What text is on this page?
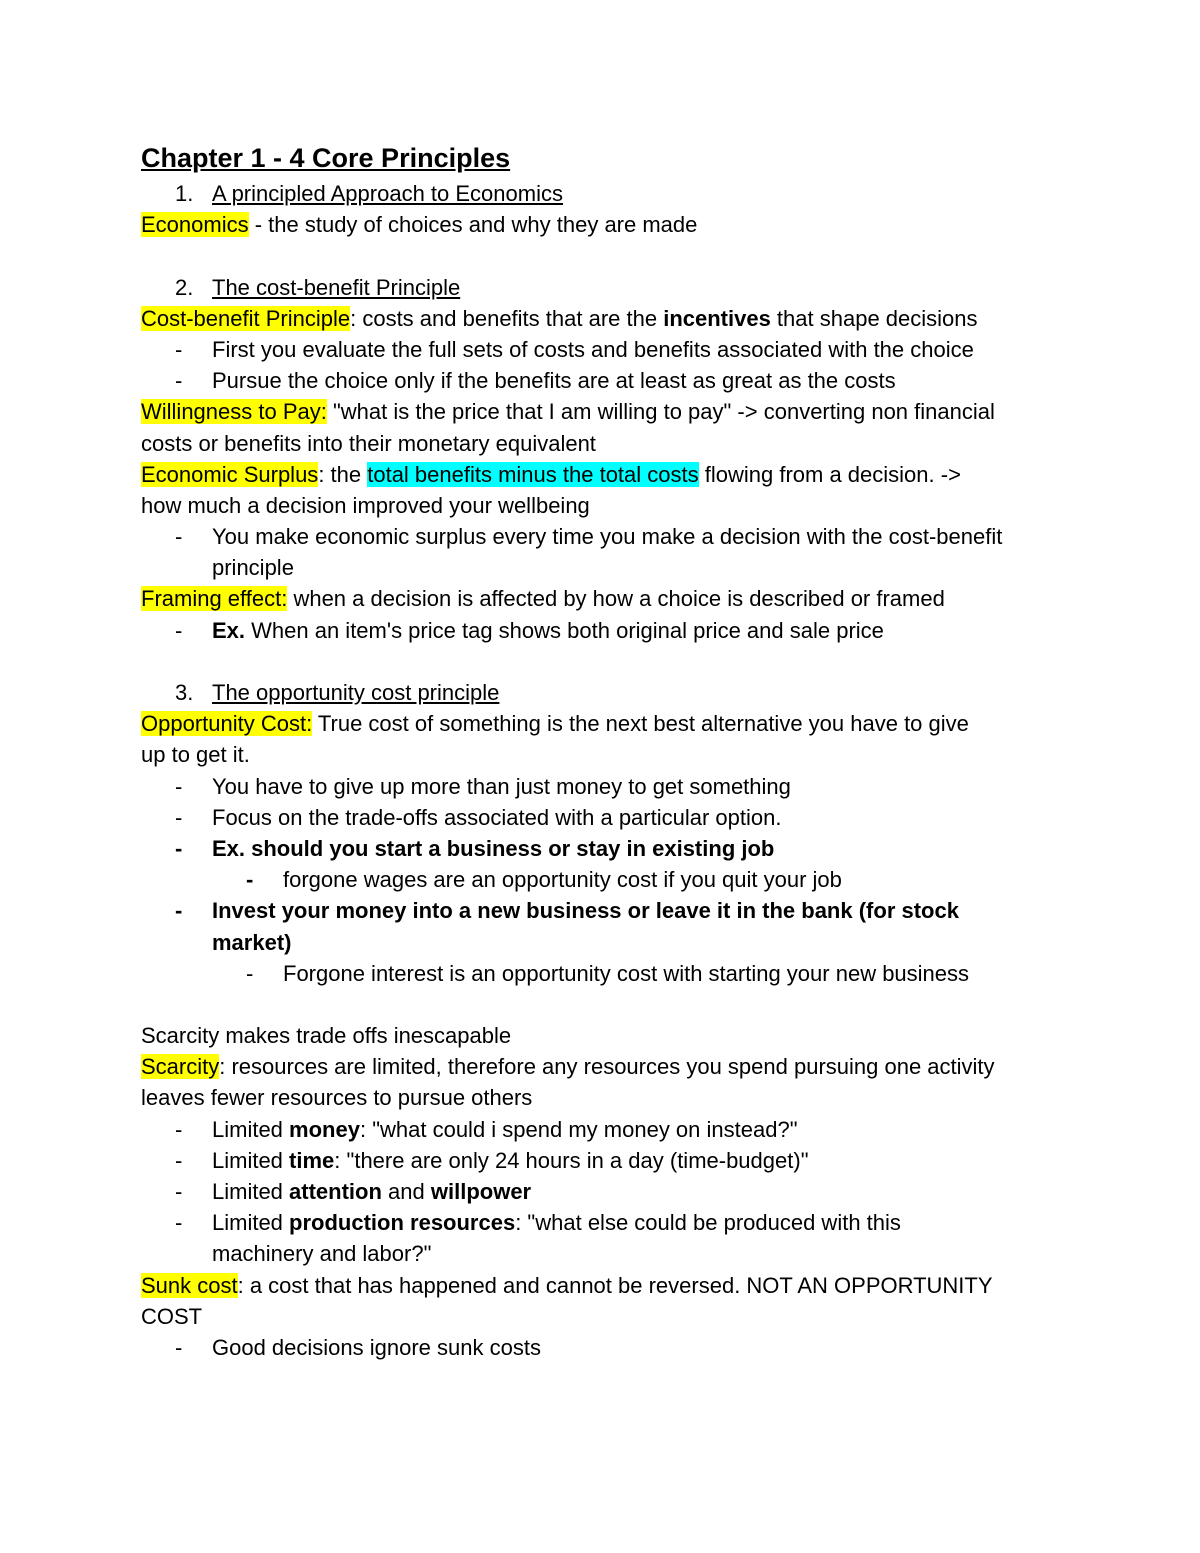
Chapter 1 - 4 Core Principles
1. A principled Approach to Economics
Economics - the study of choices and why they are made
2. The cost-benefit Principle
Cost-benefit Principle: costs and benefits that are the incentives that shape decisions
- First you evaluate the full sets of costs and benefits associated with the choice
- Pursue the choice only if the benefits are at least as great as the costs
Willingness to Pay: "what is the price that I am willing to pay" -> converting non financial
costs or benefits into their monetary equivalent
Economic Surplus: the total benefits minus the total costs flowing from a decision. ->
how much a decision improved your wellbeing
- You make economic surplus every time you make a decision with the cost-benefit
principle
Framing effect: when a decision is affected by how a choice is described or framed
- Ex. When an item's price tag shows both original price and sale price
3. The opportunity cost principle
Opportunity Cost: True cost of something is the next best alternative you have to give
up to get it.
- You have to give up more than just money to get something
- Focus on the trade-offs associated with a particular option.
- Ex. should you start a business or stay in existing job
- forgone wages are an opportunity cost if you quit your job
- Invest your money into a new business or leave it in the bank (for stock
market)
- Forgone interest is an opportunity cost with starting your new business
Scarcity makes trade offs inescapable
Scarcity: resources are limited, therefore any resources you spend pursuing one activity
leaves fewer resources to pursue others
- Limited money: "what could i spend my money on instead?"
- Limited time: "there are only 24 hours in a day (time-budget)"
- Limited attention and willpower
- Limited production resources: "what else could be produced with this
machinery and labor?"
Sunk cost: a cost that has happened and cannot be reversed. NOT AN OPPORTUNITY
COST
- Good decisions ignore sunk costs
